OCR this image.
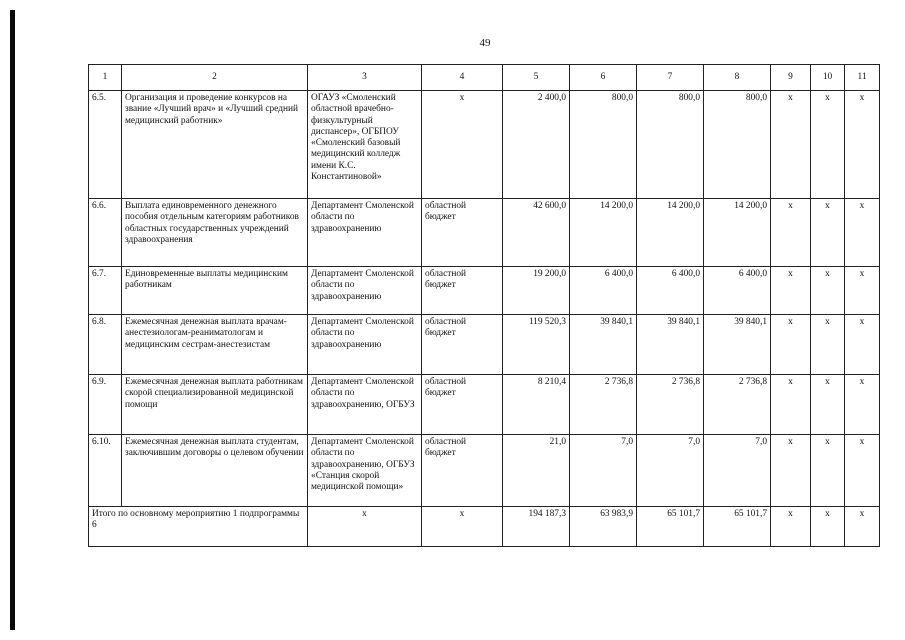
49
1	2	3	4	5	6	7	8	9	10	11
6.5.	Организация и проведение конкурсов на звание «Лучший врач» и «Лучший средний медицинский работник»	ОГАУЗ «Смоленский областной врачебно-физкультурный диспансер», ОГБПОУ «Смоленский базовый медицинский колледж имени К.С. Константиновой»	х	2 400,0	800,0	800,0	800,0	х	х	х
6.6.	Выплата единовременного денежного пособия отдельным категориям работников областных государственных учреждений здравоохранения	Департамент Смоленской области по здравоохранению	областной бюджет	42 600,0	14 200,0	14 200,0	14 200,0	х	х	х
6.7.	Единовременные выплаты медицинским работникам	Департамент Смоленской области по здравоохранению	областной бюджет	19 200,0	6 400,0	6 400,0	6 400,0	х	х	х
6.8.	Ежемесячная денежная выплата врачам-анестезиологам-реаниматологам и медицинским сестрам-анестезистам	Департамент Смоленской области по здравоохранению	областной бюджет	119 520,3	39 840,1	39 840,1	39 840,1	х	х	х
6.9.	Ежемесячная денежная выплата работникам скорой специализированной медицинской помощи	Департамент Смоленской области по здравоохранению, ОГБУЗ	областной бюджет	8 210,4	2 736,8	2 736,8	2 736,8	х	х	х
6.10.	Ежемесячная денежная выплата студентам, заключившим договоры о целевом обучении	Департамент Смоленской области по здравоохранению, ОГБУЗ «Станция скорой медицинской помощи»	областной бюджет	21,0	7,0	7,0	7,0	х	х	х
Итого по основному мероприятию 1 подпрограммы 6		х	х	194 187,3	63 983,9	65 101,7	65 101,7	х	х	х
